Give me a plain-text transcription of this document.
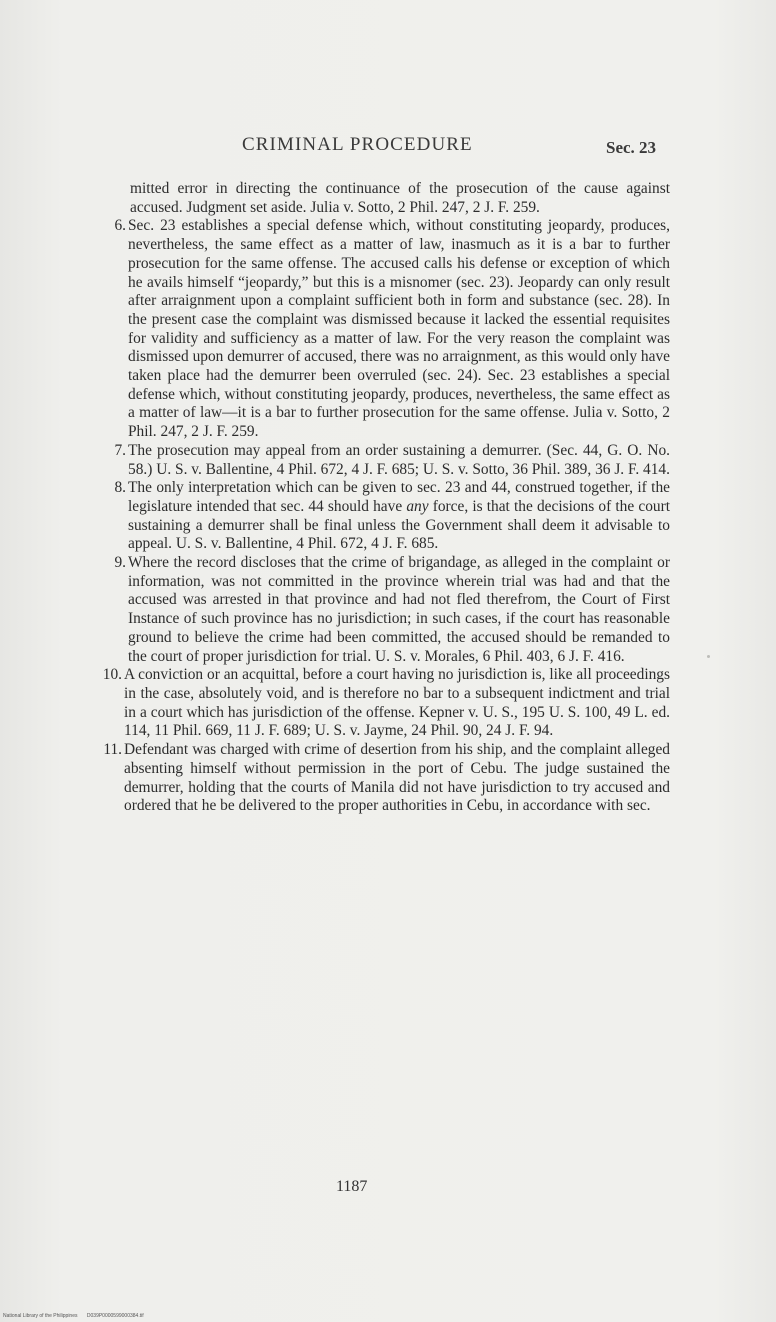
CRIMINAL PROCEDURE	Sec. 23

mitted error in directing the continuance of the prosecution of the cause against accused. Judgment set aside. Julia v. Sotto, 2 Phil. 247, 2 J. F. 259.

6. Sec. 23 establishes a special defense which, without constituting jeopardy, produces, nevertheless, the same effect as a matter of law, inasmuch as it is a bar to further prosecution for the same offense. The accused calls his defense or exception of which he avails himself “jeopardy,” but this is a misnomer (sec. 23). Jeopardy can only result after arraignment upon a complaint sufficient both in form and substance (sec. 28). In the present case the complaint was dismissed because it lacked the essential requisites for validity and sufficiency as a matter of law. For the very reason the complaint was dismissed upon demurrer of accused, there was no arraignment, as this would only have taken place had the demurrer been overruled (sec. 24). Sec. 23 establishes a special defense which, without constituting jeopardy, produces, nevertheless, the same effect as a matter of law—it is a bar to further prosecution for the same offense. Julia v. Sotto, 2 Phil. 247, 2 J. F. 259.
7. The prosecution may appeal from an order sustaining a demurrer. (Sec. 44, G. O. No. 58.) U. S. v. Ballentine, 4 Phil. 672, 4 J. F. 685; U. S. v. Sotto, 36 Phil. 389, 36 J. F. 414.
8. The only interpretation which can be given to sec. 23 and 44, construed together, if the legislature intended that sec. 44 should have any force, is that the decisions of the court sustaining a demurrer shall be final unless the Government shall deem it advisable to appeal. U. S. v. Ballentine, 4 Phil. 672, 4 J. F. 685.
9. Where the record discloses that the crime of brigandage, as alleged in the complaint or information, was not committed in the province wherein trial was had and that the accused was arrested in that province and had not fled therefrom, the Court of First Instance of such province has no jurisdiction; in such cases, if the court has reasonable ground to believe the crime had been committed, the accused should be remanded to the court of proper jurisdiction for trial. U. S. v. Morales, 6 Phil. 403, 6 J. F. 416.
10. A conviction or an acquittal, before a court having no jurisdiction is, like all proceedings in the case, absolutely void, and is therefore no bar to a subsequent indictment and trial in a court which has jurisdiction of the offense. Kepner v. U. S., 195 U. S. 100, 49 L. ed. 114, 11 Phil. 669, 11 J. F. 689; U. S. v. Jayme, 24 Phil. 90, 24 J. F. 94.
11. Defendant was charged with crime of desertion from his ship, and the complaint alleged absenting himself without permission in the port of Cebu. The judge sustained the demurrer, holding that the courts of Manila did not have jurisdiction to try accused and ordered that he be delivered to the proper authorities in Cebu, in accordance with sec.
1187
National Library of the Philippines D039P0000599000384.tif
